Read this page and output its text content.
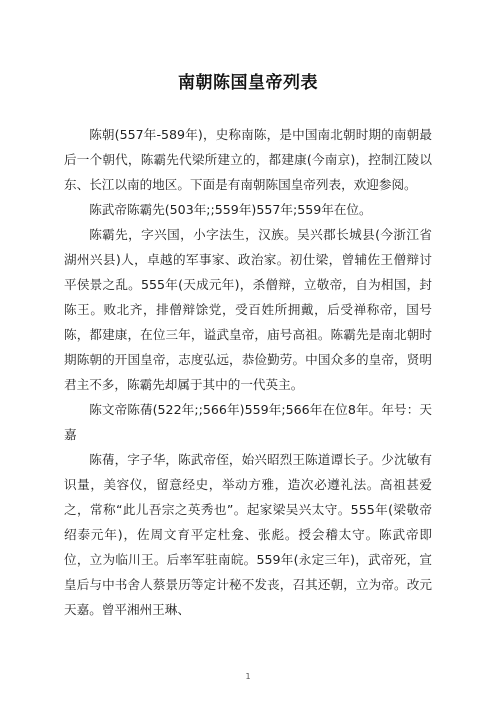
南朝陈国皇帝列表

陈朝(557年-589年)，史称南陈，是中国南北朝时期的南朝最后一个朝代，陈霸先代梁所建立的，都建康(今南京)，控制江陵以东、长江以南的地区。下面是有南朝陈国皇帝列表，欢迎参阅。

陈武帝陈霸先(503年;;559年)557年;559年在位。

陈霸先，字兴国，小字法生，汉族。吴兴郡长城县(今浙江省湖州兴县)人，卓越的军事家、政治家。初仕梁，曾辅佐王僧辩讨平侯景之乱。555年(天成元年)，杀僧辩，立敬帝，自为相国，封陈王。败北齐，排僧辩馀党，受百姓所拥戴，后受禅称帝，国号陈，都建康，在位三年，谥武皇帝，庙号高祖。陈霸先是南北朝时期陈朝的开国皇帝，志度弘远，恭俭勤劳。中国众多的皇帝，贤明君主不多，陈霸先却属于其中的一代英主。

陈文帝陈蒨(522年;;566年)559年;566年在位8年。年号：天嘉

陈蒨，字子华，陈武帝侄，始兴昭烈王陈道谭长子。少沈敏有识量，美容仪，留意经史，举动方雅，造次必遵礼法。高祖甚爱之，常称“此儿吾宗之英秀也”。起家梁吴兴太守。555年(梁敬帝绍泰元年)，佐周文育平定杜龛、张彪。授会稽太守。陈武帝即位，立为临川王。后率军驻南皖。559年(永定三年)，武帝死，宣皇后与中书舍人蔡景历等定计秘不发丧，召其还朝，立为帝。改元天嘉。曾平湘州王琳、

1
